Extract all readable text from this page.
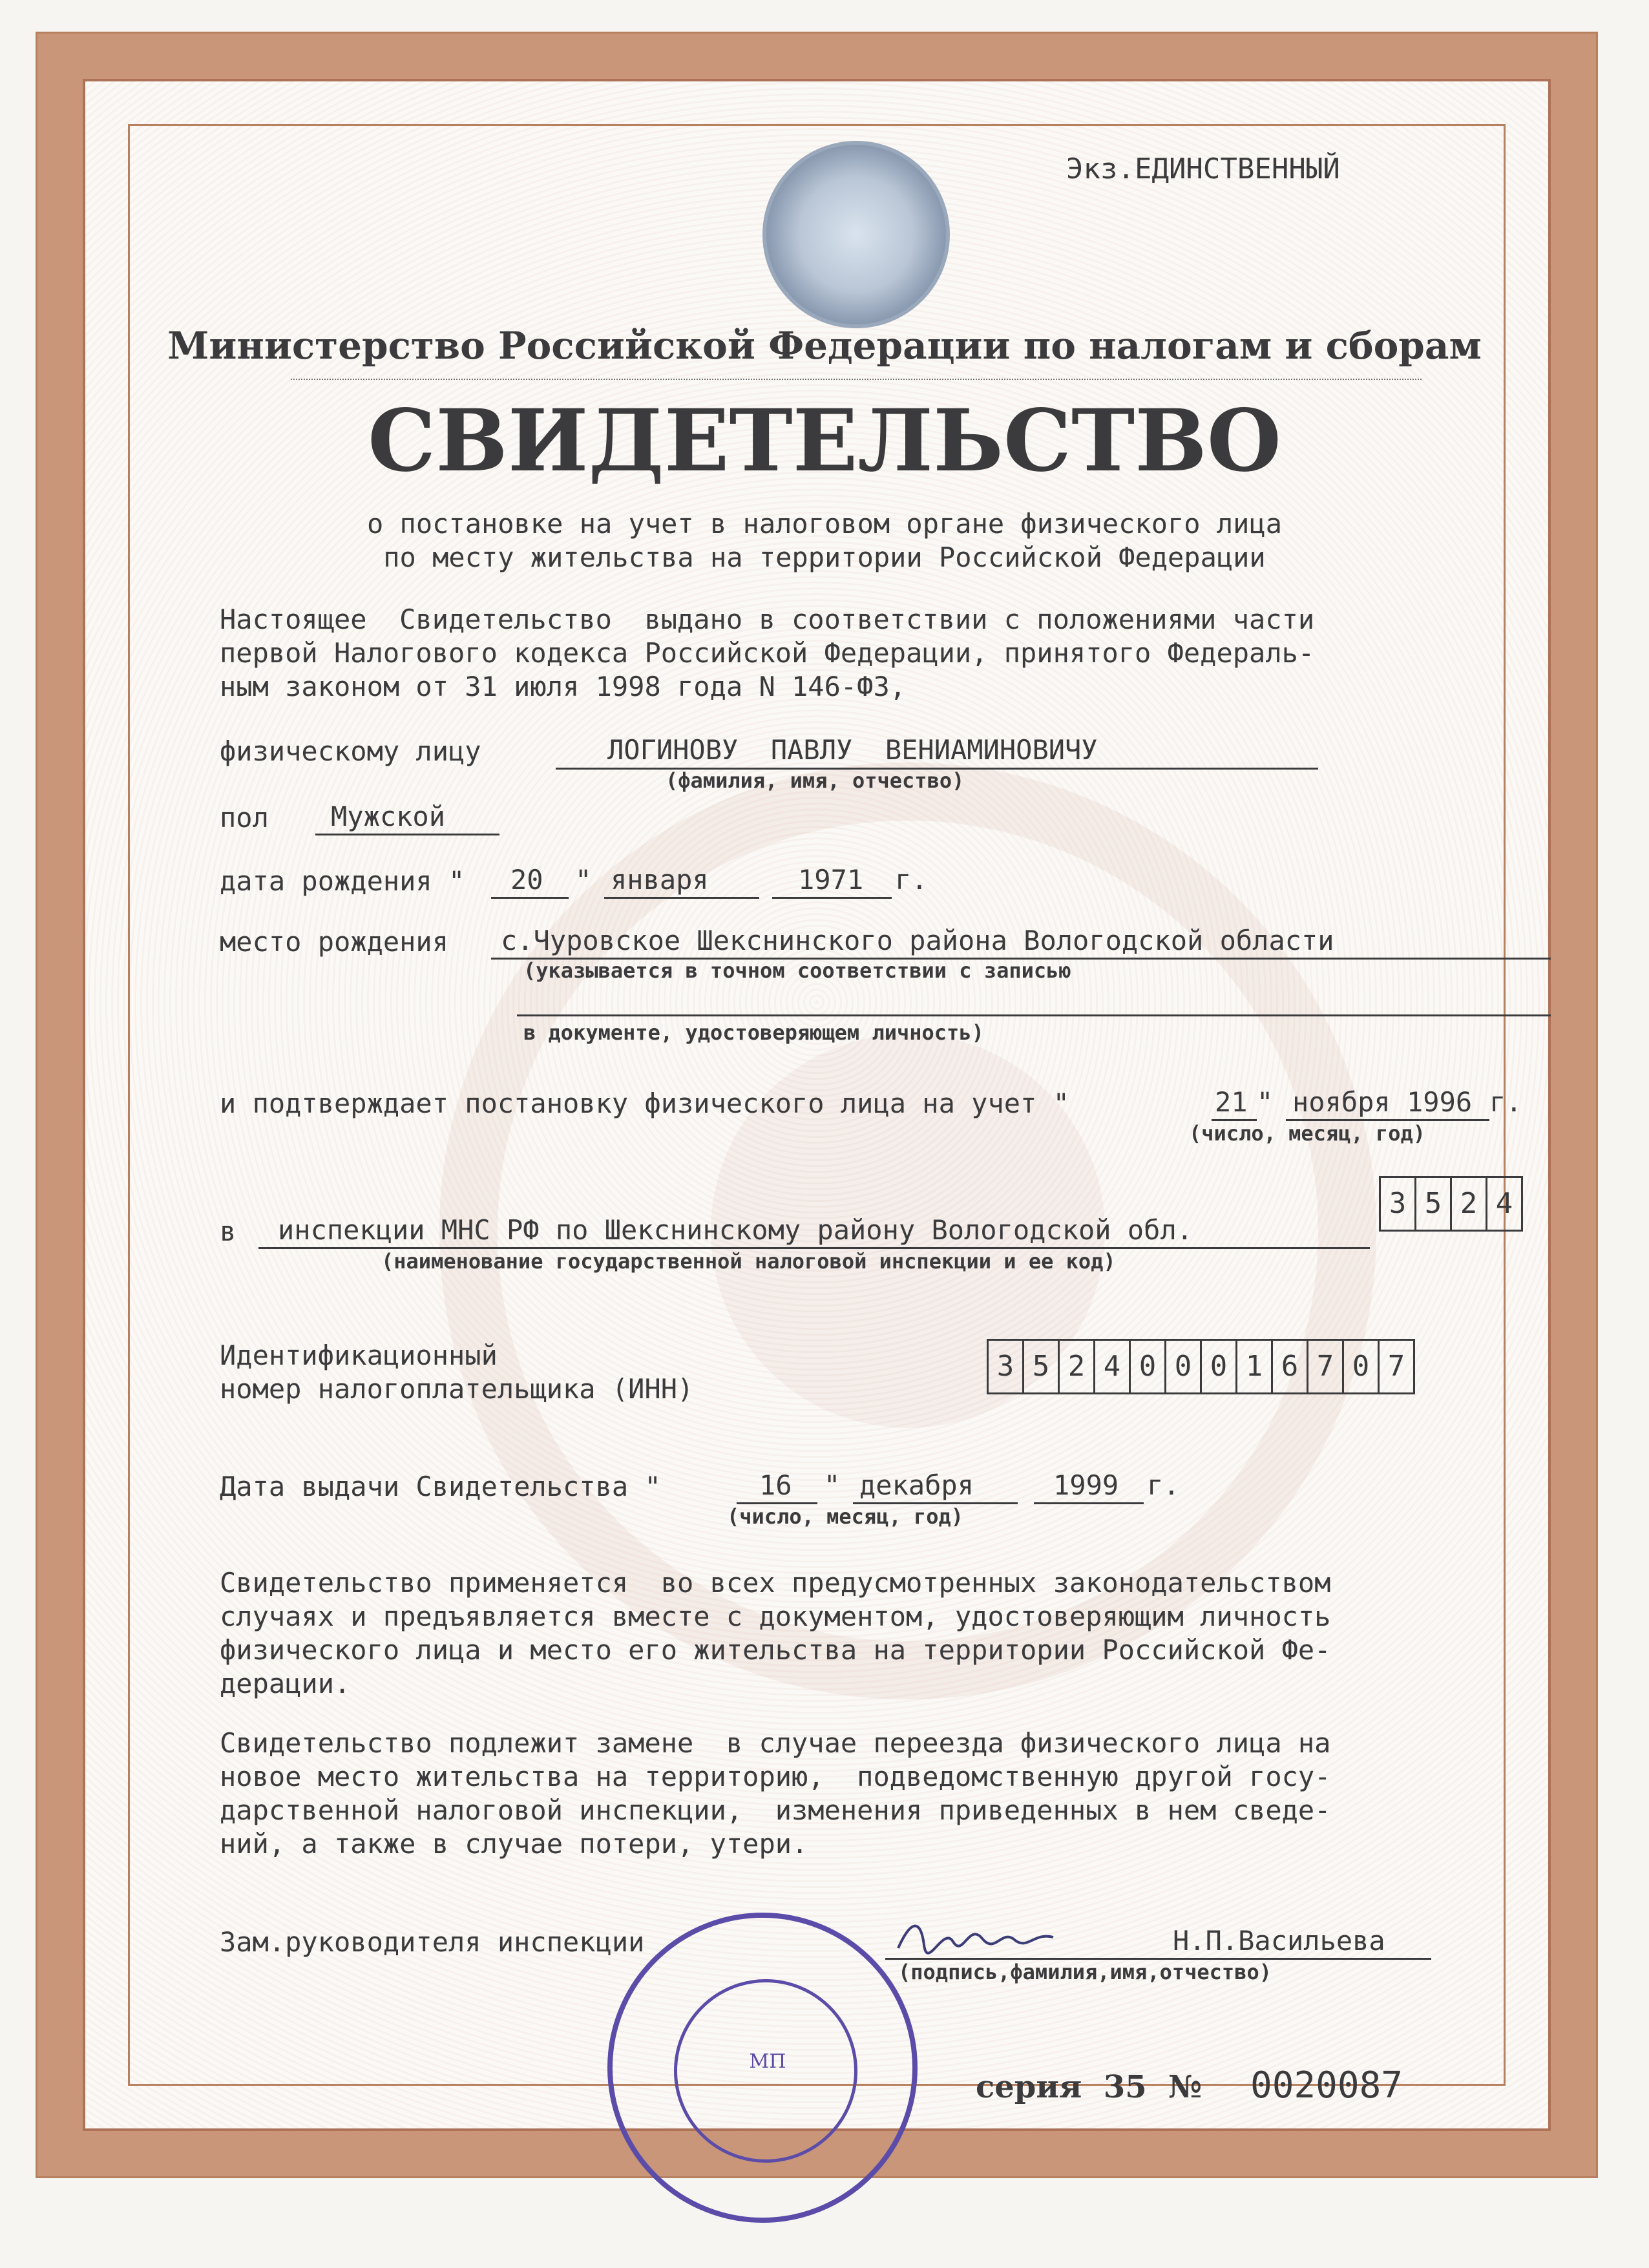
Экз.ЕДИНСТВЕННЫЙ
Министерство Российской Федерации по налогам и сборам
СВИДЕТЕЛЬСТВО
о постановке на учет в налоговом органе физического лица
по месту жительства на территории Российской Федерации
Настоящее  Свидетельство  выдано в соответствии с положениями части
первой Налогового кодекса Российской Федерации, принятого Федераль-
ным законом от 31 июля 1998 года N 146-ФЗ,
физическому лицу	ЛОГИНОВУ  ПАВЛУ  ВЕНИАМИНОВИЧУ
(фамилия, имя, отчество)
пол Мужской
дата рождения " 20 " января	1971 г.
место рождения с.Чуровское Шекснинского района Вологодской области
(указывается в точном соответствии с записью
в документе, удостоверяющем личность)
и подтверждает постановку физического лица на учет "	21 " ноября 1996 г.
(число, месяц, год)
3 5 2 4
в инспекции МНС РФ по Шекснинскому району Вологодской обл.
(наименование государственной налоговой инспекции и ее код)
Идентификационный
номер налогоплательщика (ИНН)
3 5 2 4 0 0 0 1 6 7 0 7
Дата выдачи Свидетельства "	16 " декабря	1999 г.
(число, месяц, год)
Свидетельство применяется  во всех предусмотренных законодательством
случаях и предъявляется вместе с документом, удостоверяющим личность
физического лица и место его жительства на территории Российской Фе-
дерации.
Свидетельство подлежит замене  в случае переезда физического лица на
новое место жительства на территорию,  подведомственную другой госу-
дарственной налоговой инспекции,  изменения приведенных в нем сведе-
ний, а также в случае потери, утери.
МП
Зам.руководителя инспекции	Н.П.Васильева
(подпись,фамилия,имя,отчество)
серия  35  № 0020087
